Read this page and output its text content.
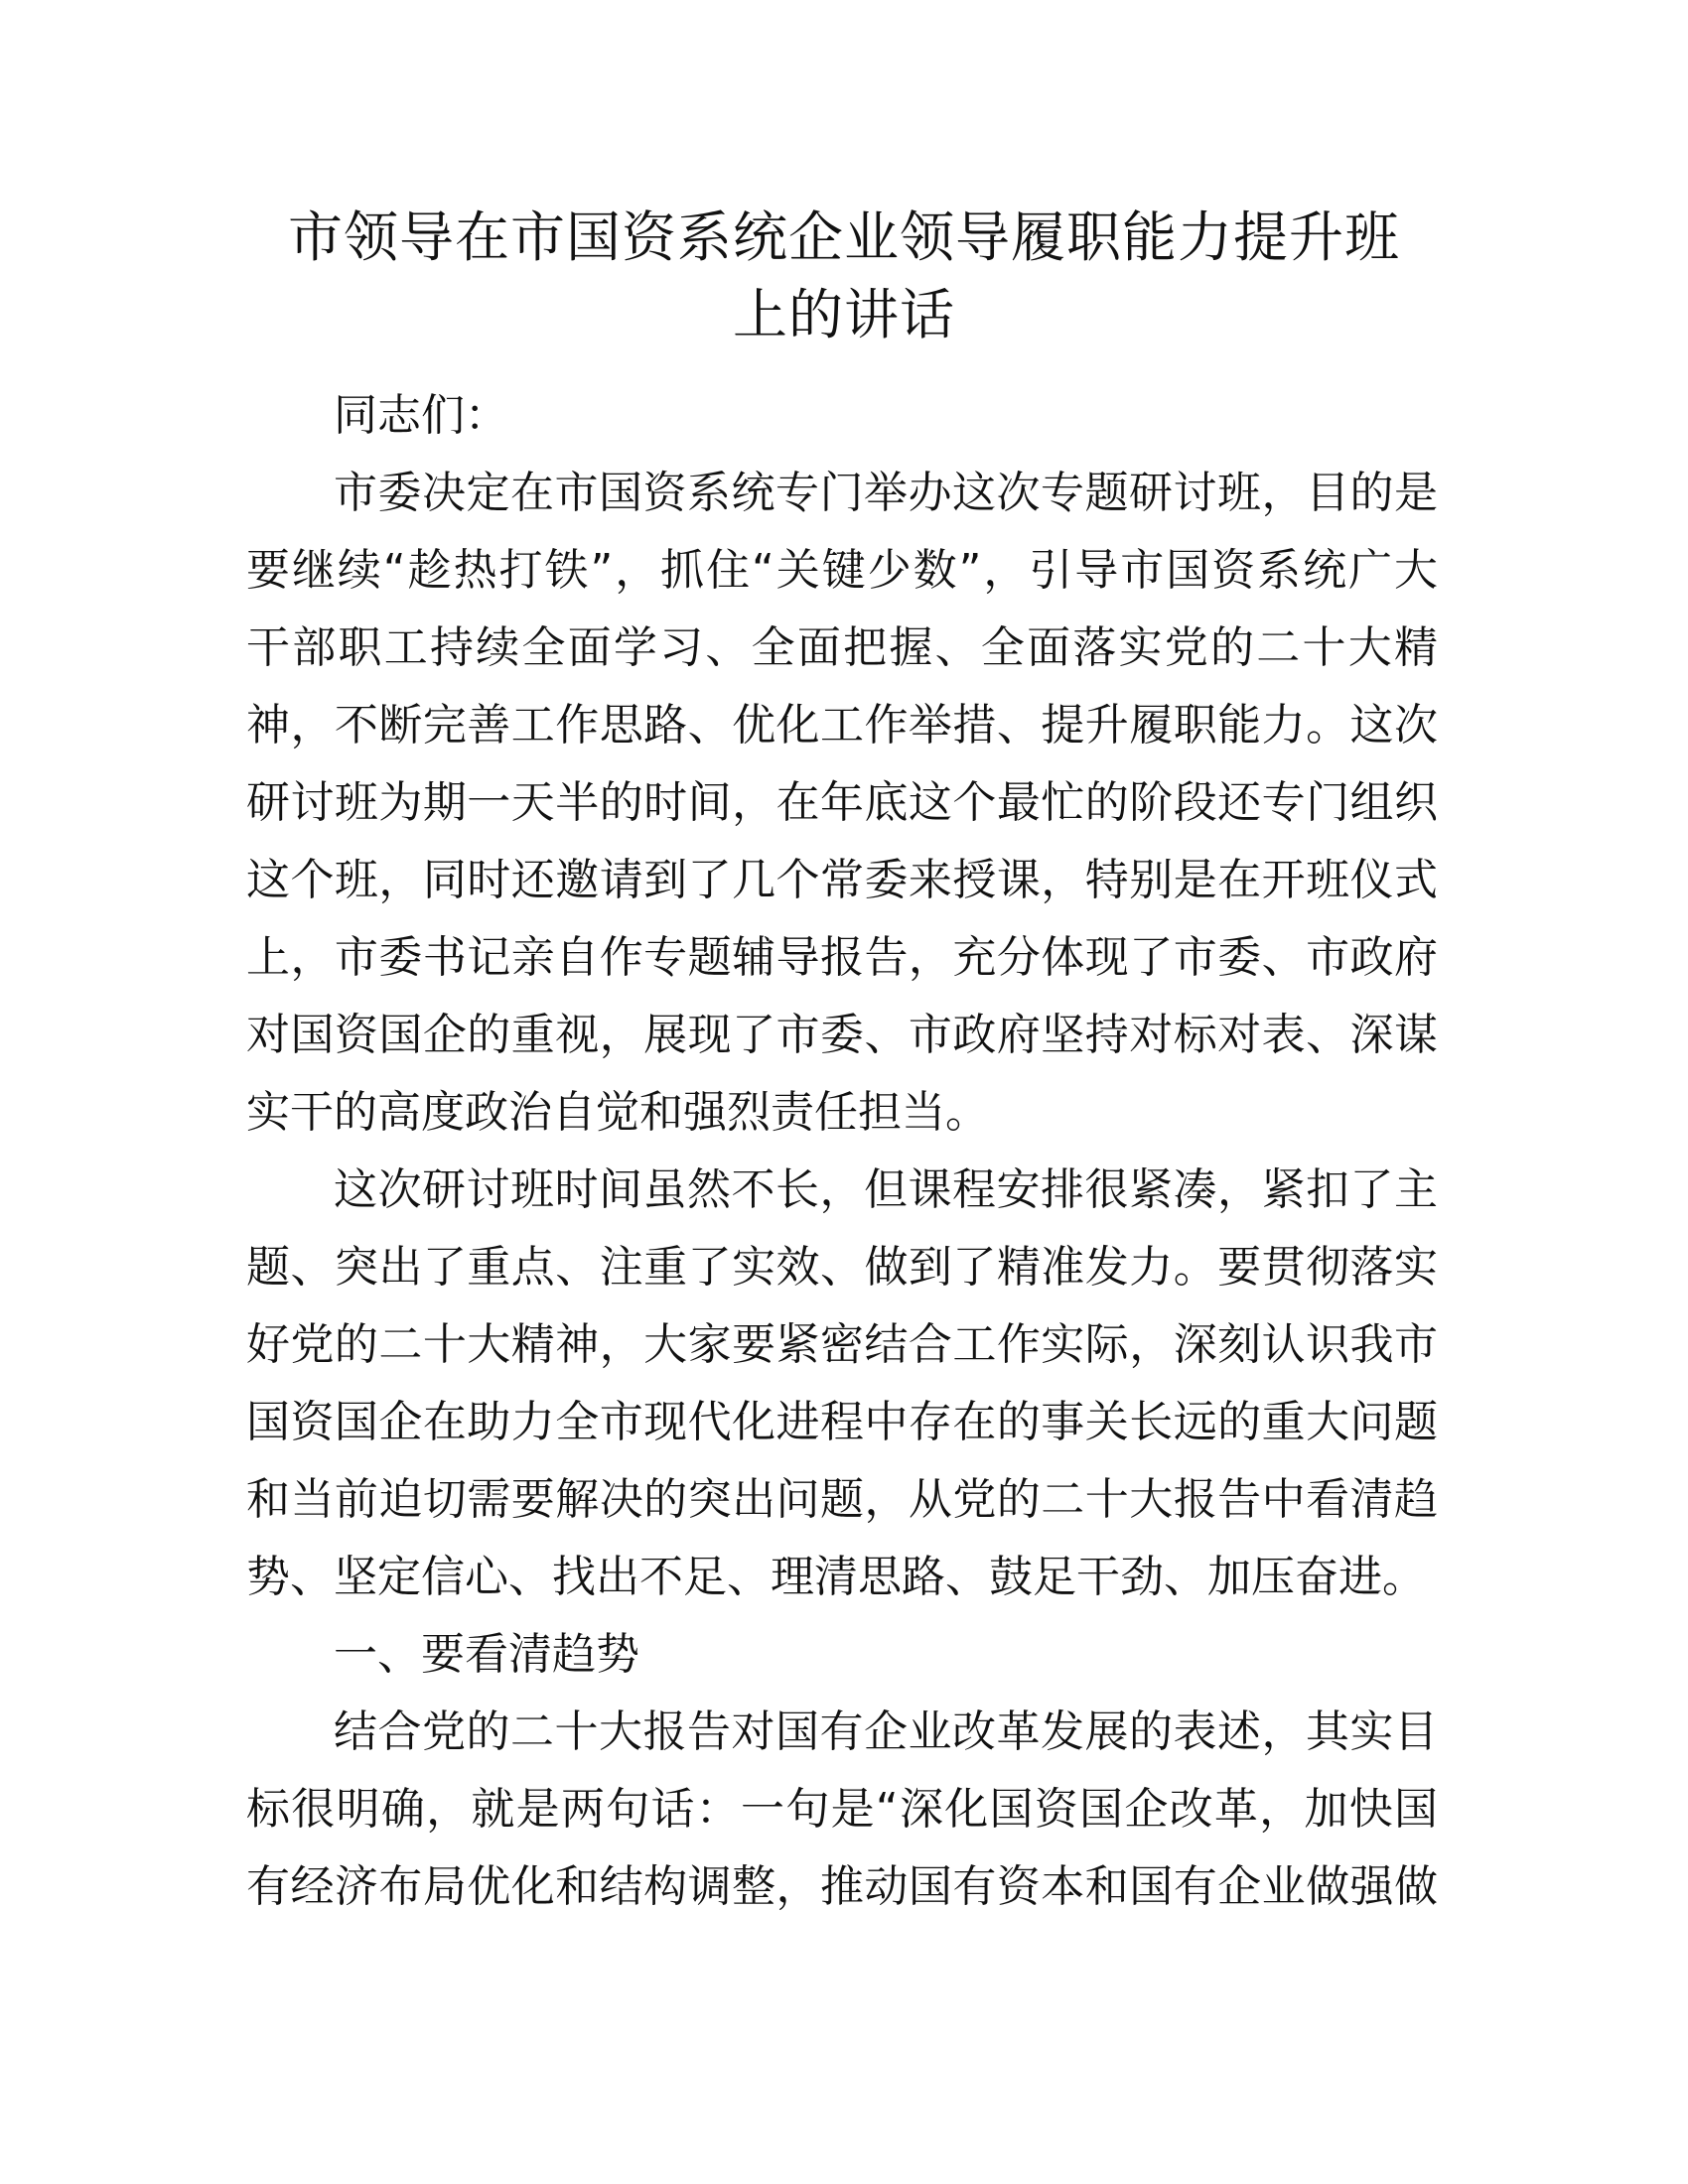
市领导在市国资系统企业领导履职能力提升班
上的讲话

同志们：

市委决定在市国资系统专门举办这次专题研讨班，目的是
要继续“趁热打铁”，抓住“关键少数”，引导市国资系统广大
干部职工持续全面学习、全面把握、全面落实党的二十大精
神，不断完善工作思路、优化工作举措、提升履职能力。这次
研讨班为期一天半的时间，在年底这个最忙的阶段还专门组织
这个班，同时还邀请到了几个常委来授课，特别是在开班仪式
上，市委书记亲自作专题辅导报告，充分体现了市委、市政府
对国资国企的重视，展现了市委、市政府坚持对标对表、深谋
实干的高度政治自觉和强烈责任担当。

这次研讨班时间虽然不长，但课程安排很紧凑，紧扣了主
题、突出了重点、注重了实效、做到了精准发力。要贯彻落实
好党的二十大精神，大家要紧密结合工作实际，深刻认识我市
国资国企在助力全市现代化进程中存在的事关长远的重大问题
和当前迫切需要解决的突出问题，从党的二十大报告中看清趋
势、坚定信心、找出不足、理清思路、鼓足干劲、加压奋进。

一、要看清趋势

结合党的二十大报告对国有企业改革发展的表述，其实目
标很明确，就是两句话：一句是“深化国资国企改革，加快国
有经济布局优化和结构调整，推动国有资本和国有企业做强做
